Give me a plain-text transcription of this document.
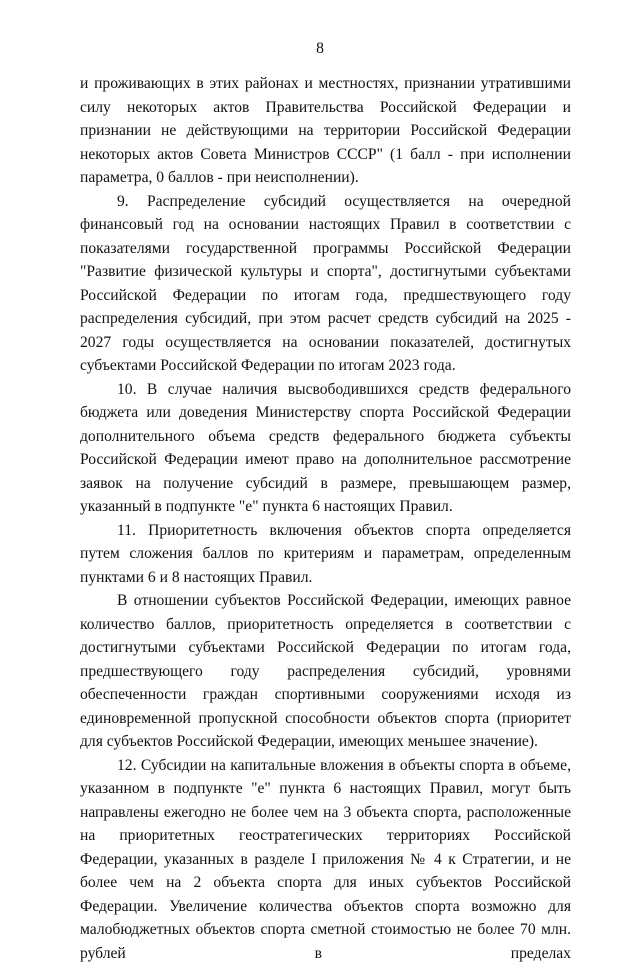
8

и проживающих в этих районах и местностях, признании утратившими силу некоторых актов Правительства Российской Федерации и признании не действующими на территории Российской Федерации некоторых актов Совета Министров СССР" (1 балл - при исполнении параметра, 0 баллов - при неисполнении).

9. Распределение субсидий осуществляется на очередной финансовый год на основании настоящих Правил в соответствии с показателями государственной программы Российской Федерации "Развитие физической культуры и спорта", достигнутыми субъектами Российской Федерации по итогам года, предшествующего году распределения субсидий, при этом расчет средств субсидий на 2025 - 2027 годы осуществляется на основании показателей, достигнутых субъектами Российской Федерации по итогам 2023 года.

10. В случае наличия высвободившихся средств федерального бюджета или доведения Министерству спорта Российской Федерации дополнительного объема средств федерального бюджета субъекты Российской Федерации имеют право на дополнительное рассмотрение заявок на получение субсидий в размере, превышающем размер, указанный в подпункте "е" пункта 6 настоящих Правил.

11. Приоритетность включения объектов спорта определяется путем сложения баллов по критериям и параметрам, определенным пунктами 6 и 8 настоящих Правил.

В отношении субъектов Российской Федерации, имеющих равное количество баллов, приоритетность определяется в соответствии с достигнутыми субъектами Российской Федерации по итогам года, предшествующего году распределения субсидий, уровнями обеспеченности граждан спортивными сооружениями исходя из единовременной пропускной способности объектов спорта (приоритет для субъектов Российской Федерации, имеющих меньшее значение).

12. Субсидии на капитальные вложения в объекты спорта в объеме, указанном в подпункте "е" пункта 6 настоящих Правил, могут быть направлены ежегодно не более чем на 3 объекта спорта, расположенные на приоритетных геостратегических территориях Российской Федерации, указанных в разделе I приложения № 4 к Стратегии, и не более чем на 2 объекта спорта для иных субъектов Российской Федерации. Увеличение количества объектов спорта возможно для малобюджетных объектов спорта сметной стоимостью не более 70 млн. рублей в пределах
